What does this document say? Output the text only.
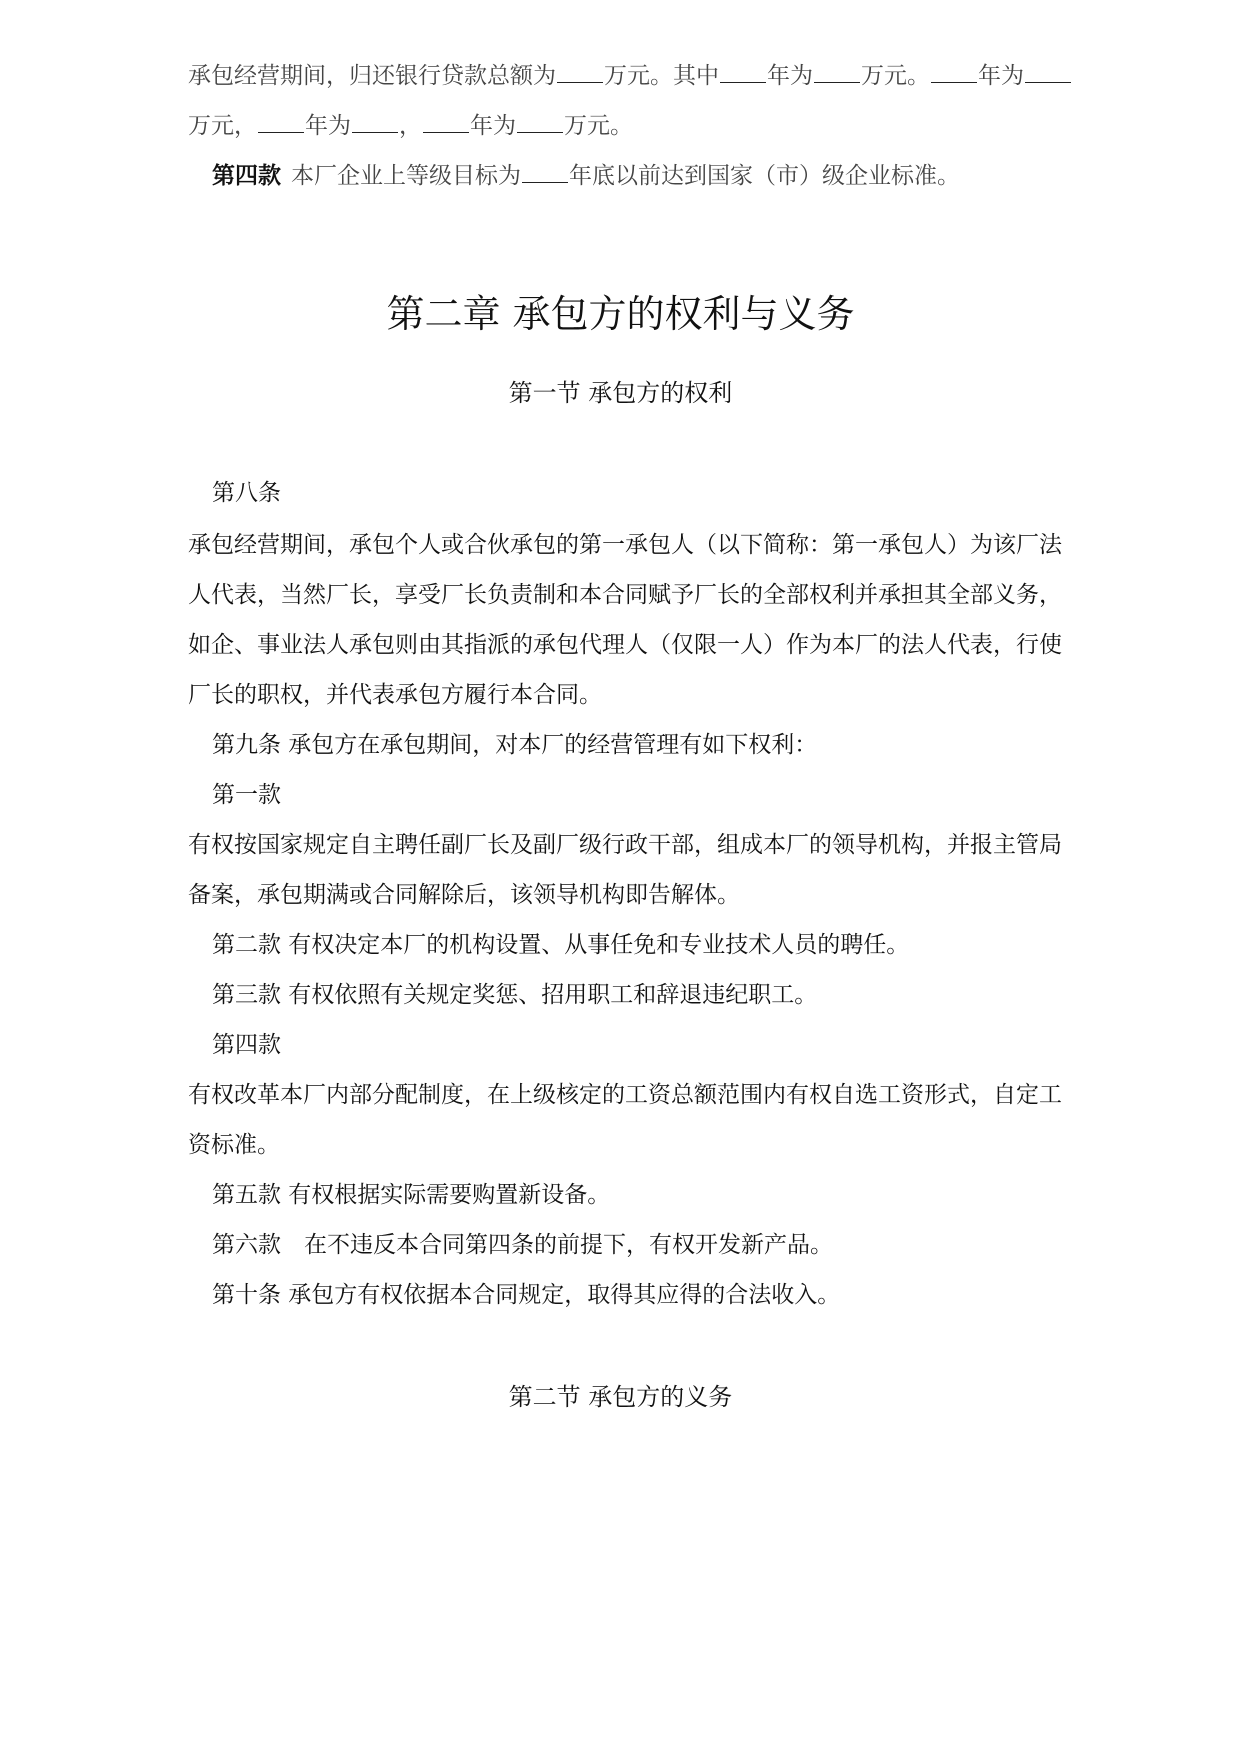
承包经营期间，归还银行贷款总额为 万元。其中 年为 万元。 年为
万元， 年为 ， 年为 万元。
第四款 本厂企业上等级目标为 年底以前达到国家（市）级企业标准。
第二章 承包方的权利与义务
第一节 承包方的权利
第八条
承包经营期间，承包个人或合伙承包的第一承包人（以下简称：第一承包人）为该厂法
人代表，当然厂长，享受厂长负责制和本合同赋予厂长的全部权利并承担其全部义务，
如企、事业法人承包则由其指派的承包代理人（仅限一人）作为本厂的法人代表，行使
厂长的职权，并代表承包方履行本合同。
第九条 承包方在承包期间，对本厂的经营管理有如下权利：
第一款
有权按国家规定自主聘任副厂长及副厂级行政干部，组成本厂的领导机构，并报主管局
备案，承包期满或合同解除后，该领导机构即告解体。
第二款 有权决定本厂的机构设置、从事任免和专业技术人员的聘任。
第三款 有权依照有关规定奖惩、招用职工和辞退违纪职工。
第四款
有权改革本厂内部分配制度，在上级核定的工资总额范围内有权自选工资形式，自定工
资标准。
第五款 有权根据实际需要购置新设备。
第六款　在不违反本合同第四条的前提下，有权开发新产品。
第十条 承包方有权依据本合同规定，取得其应得的合法收入。
第二节 承包方的义务
